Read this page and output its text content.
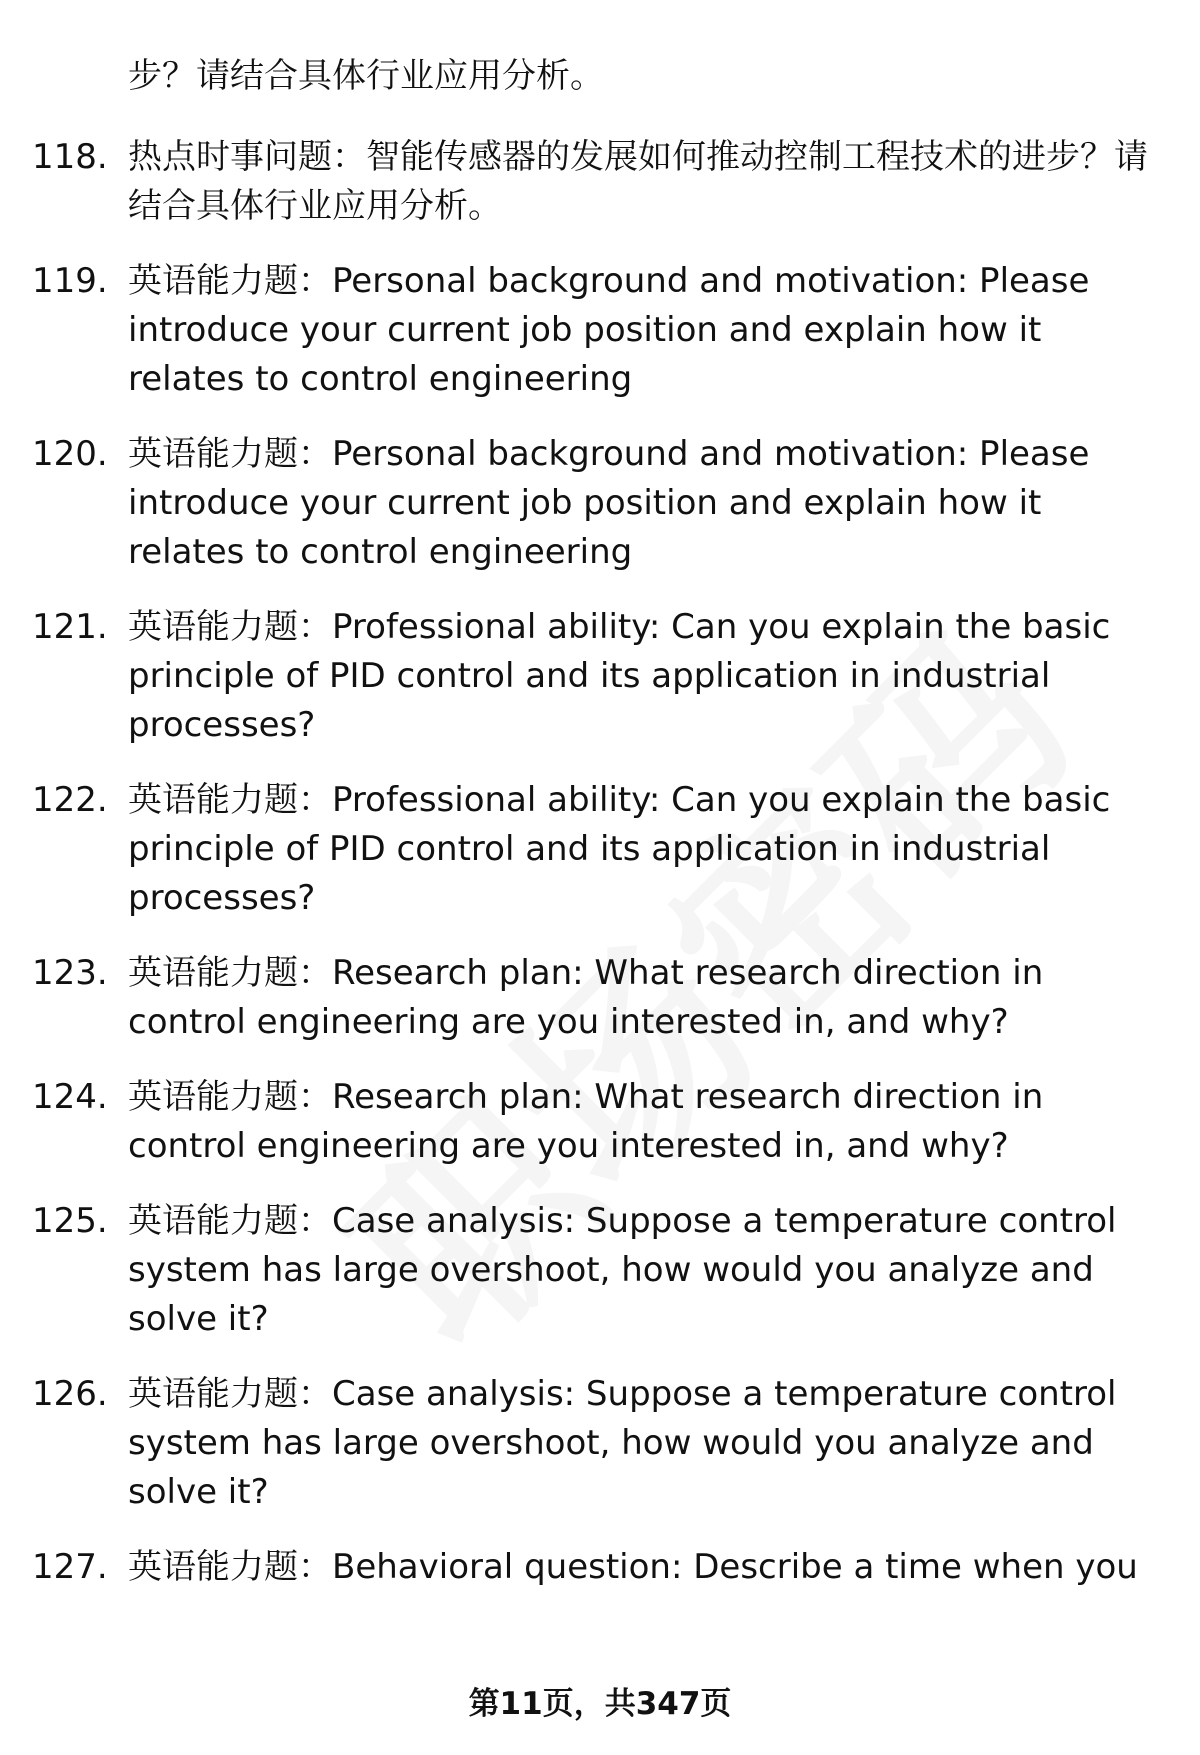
步？请结合具体行业应用分析。
118. 热点时事问题：智能传感器的发展如何推动控制工程技术的进步？请结合具体行业应用分析。
119. 英语能力题：Personal background and motivation: Please introduce your current job position and explain how it relates to control engineering
120. 英语能力题：Personal background and motivation: Please introduce your current job position and explain how it relates to control engineering
121. 英语能力题：Professional ability: Can you explain the basic principle of PID control and its application in industrial processes?
122. 英语能力题：Professional ability: Can you explain the basic principle of PID control and its application in industrial processes?
123. 英语能力题：Research plan: What research direction in control engineering are you interested in, and why?
124. 英语能力题：Research plan: What research direction in control engineering are you interested in, and why?
125. 英语能力题：Case analysis: Suppose a temperature control system has large overshoot, how would you analyze and solve it?
126. 英语能力题：Case analysis: Suppose a temperature control system has large overshoot, how would you analyze and solve it?
127. 英语能力题：Behavioral question: Describe a time when you
第11页，共347页
